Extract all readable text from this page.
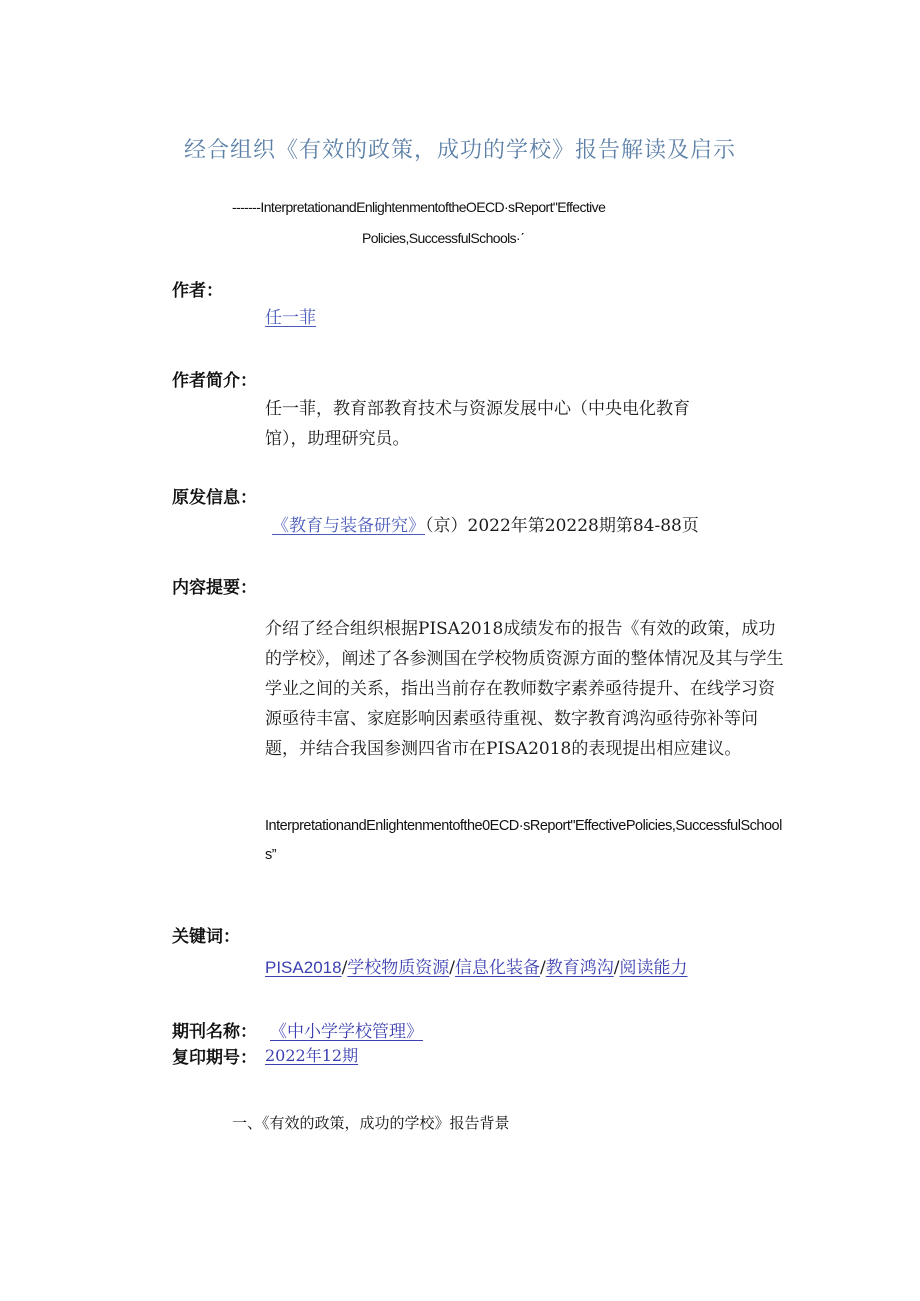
经合组织《有效的政策，成功的学校》报告解读及启示
-------InterpretationandEnlightenmentoftheOECD·sReport"Effective
Policies,SuccessfulSchools·ˊ
作者：
任一菲
作者简介：
任一菲，教育部教育技术与资源发展中心（中央电化教育
馆），助理研究员。
原发信息：
《教育与装备研究》（京）2022年第20228期第84-88页
内容提要：
介绍了经合组织根据PISA2018成绩发布的报告《有效的政策，成功的学校》，阐述了各参测国在学校物质资源方面的整体情况及其与学生学业之间的关系，指出当前存在教师数字素养亟待提升、在线学习资源亟待丰富、家庭影响因素亟待重视、数字教育鸿沟亟待弥补等问题，并结合我国参测四省市在PISA2018的表现提出相应建议。
InterpretationandEnlightenmentofthe0ECD·sReport"EffectivePolicies,SuccessfulSchools”
关键词：
PISA2018/学校物质资源/信息化装备/教育鸿沟/阅读能力
期刊名称： 《中小学学校管理》
复印期号： 2022年12期
一、《有效的政策，成功的学校》报告背景
